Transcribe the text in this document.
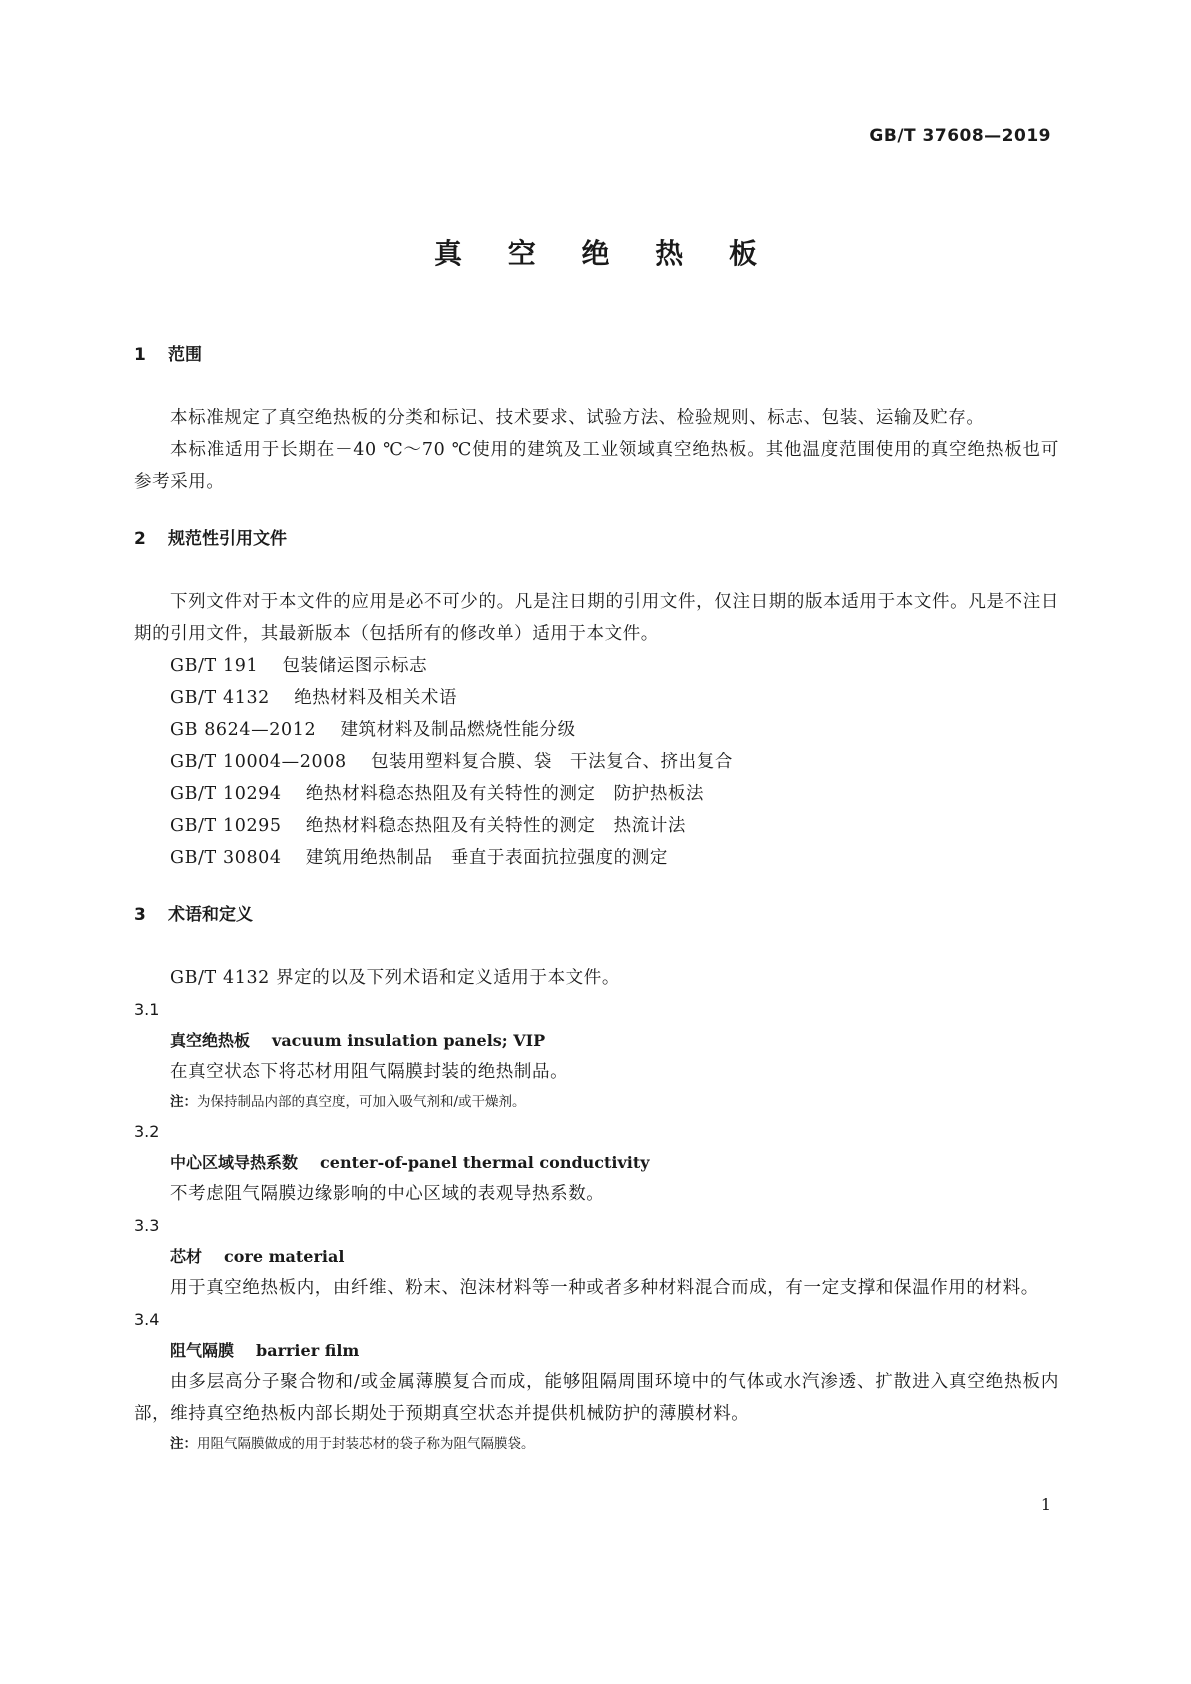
GB/T 37608—2019
真 空 绝 热 板
1 范围
本标准规定了真空绝热板的分类和标记、技术要求、试验方法、检验规则、标志、包装、运输及贮存。
本标准适用于长期在－40 ℃～70 ℃使用的建筑及工业领域真空绝热板。其他温度范围使用的真空绝热板也可参考采用。
2 规范性引用文件
下列文件对于本文件的应用是必不可少的。凡是注日期的引用文件，仅注日期的版本适用于本文件。凡是不注日期的引用文件，其最新版本（包括所有的修改单）适用于本文件。
GB/T 191　 包装储运图示标志
GB/T 4132　 绝热材料及相关术语
GB 8624—2012　 建筑材料及制品燃烧性能分级
GB/T 10004—2008　 包装用塑料复合膜、袋　干法复合、挤出复合
GB/T 10294　 绝热材料稳态热阻及有关特性的测定　防护热板法
GB/T 10295　 绝热材料稳态热阻及有关特性的测定　热流计法
GB/T 30804　 建筑用绝热制品　垂直于表面抗拉强度的测定
3 术语和定义
GB/T 4132 界定的以及下列术语和定义适用于本文件。
3.1
真空绝热板 vacuum insulation panels; VIP
在真空状态下将芯材用阻气隔膜封装的绝热制品。
注：为保持制品内部的真空度，可加入吸气剂和/或干燥剂。
3.2
中心区域导热系数 center-of-panel thermal conductivity
不考虑阻气隔膜边缘影响的中心区域的表观导热系数。
3.3
芯材 core material
用于真空绝热板内，由纤维、粉末、泡沫材料等一种或者多种材料混合而成，有一定支撑和保温作用的材料。
3.4
阻气隔膜 barrier film
由多层高分子聚合物和/或金属薄膜复合而成，能够阻隔周围环境中的气体或水汽渗透、扩散进入真空绝热板内部，维持真空绝热板内部长期处于预期真空状态并提供机械防护的薄膜材料。
注：用阻气隔膜做成的用于封装芯材的袋子称为阻气隔膜袋。
1
